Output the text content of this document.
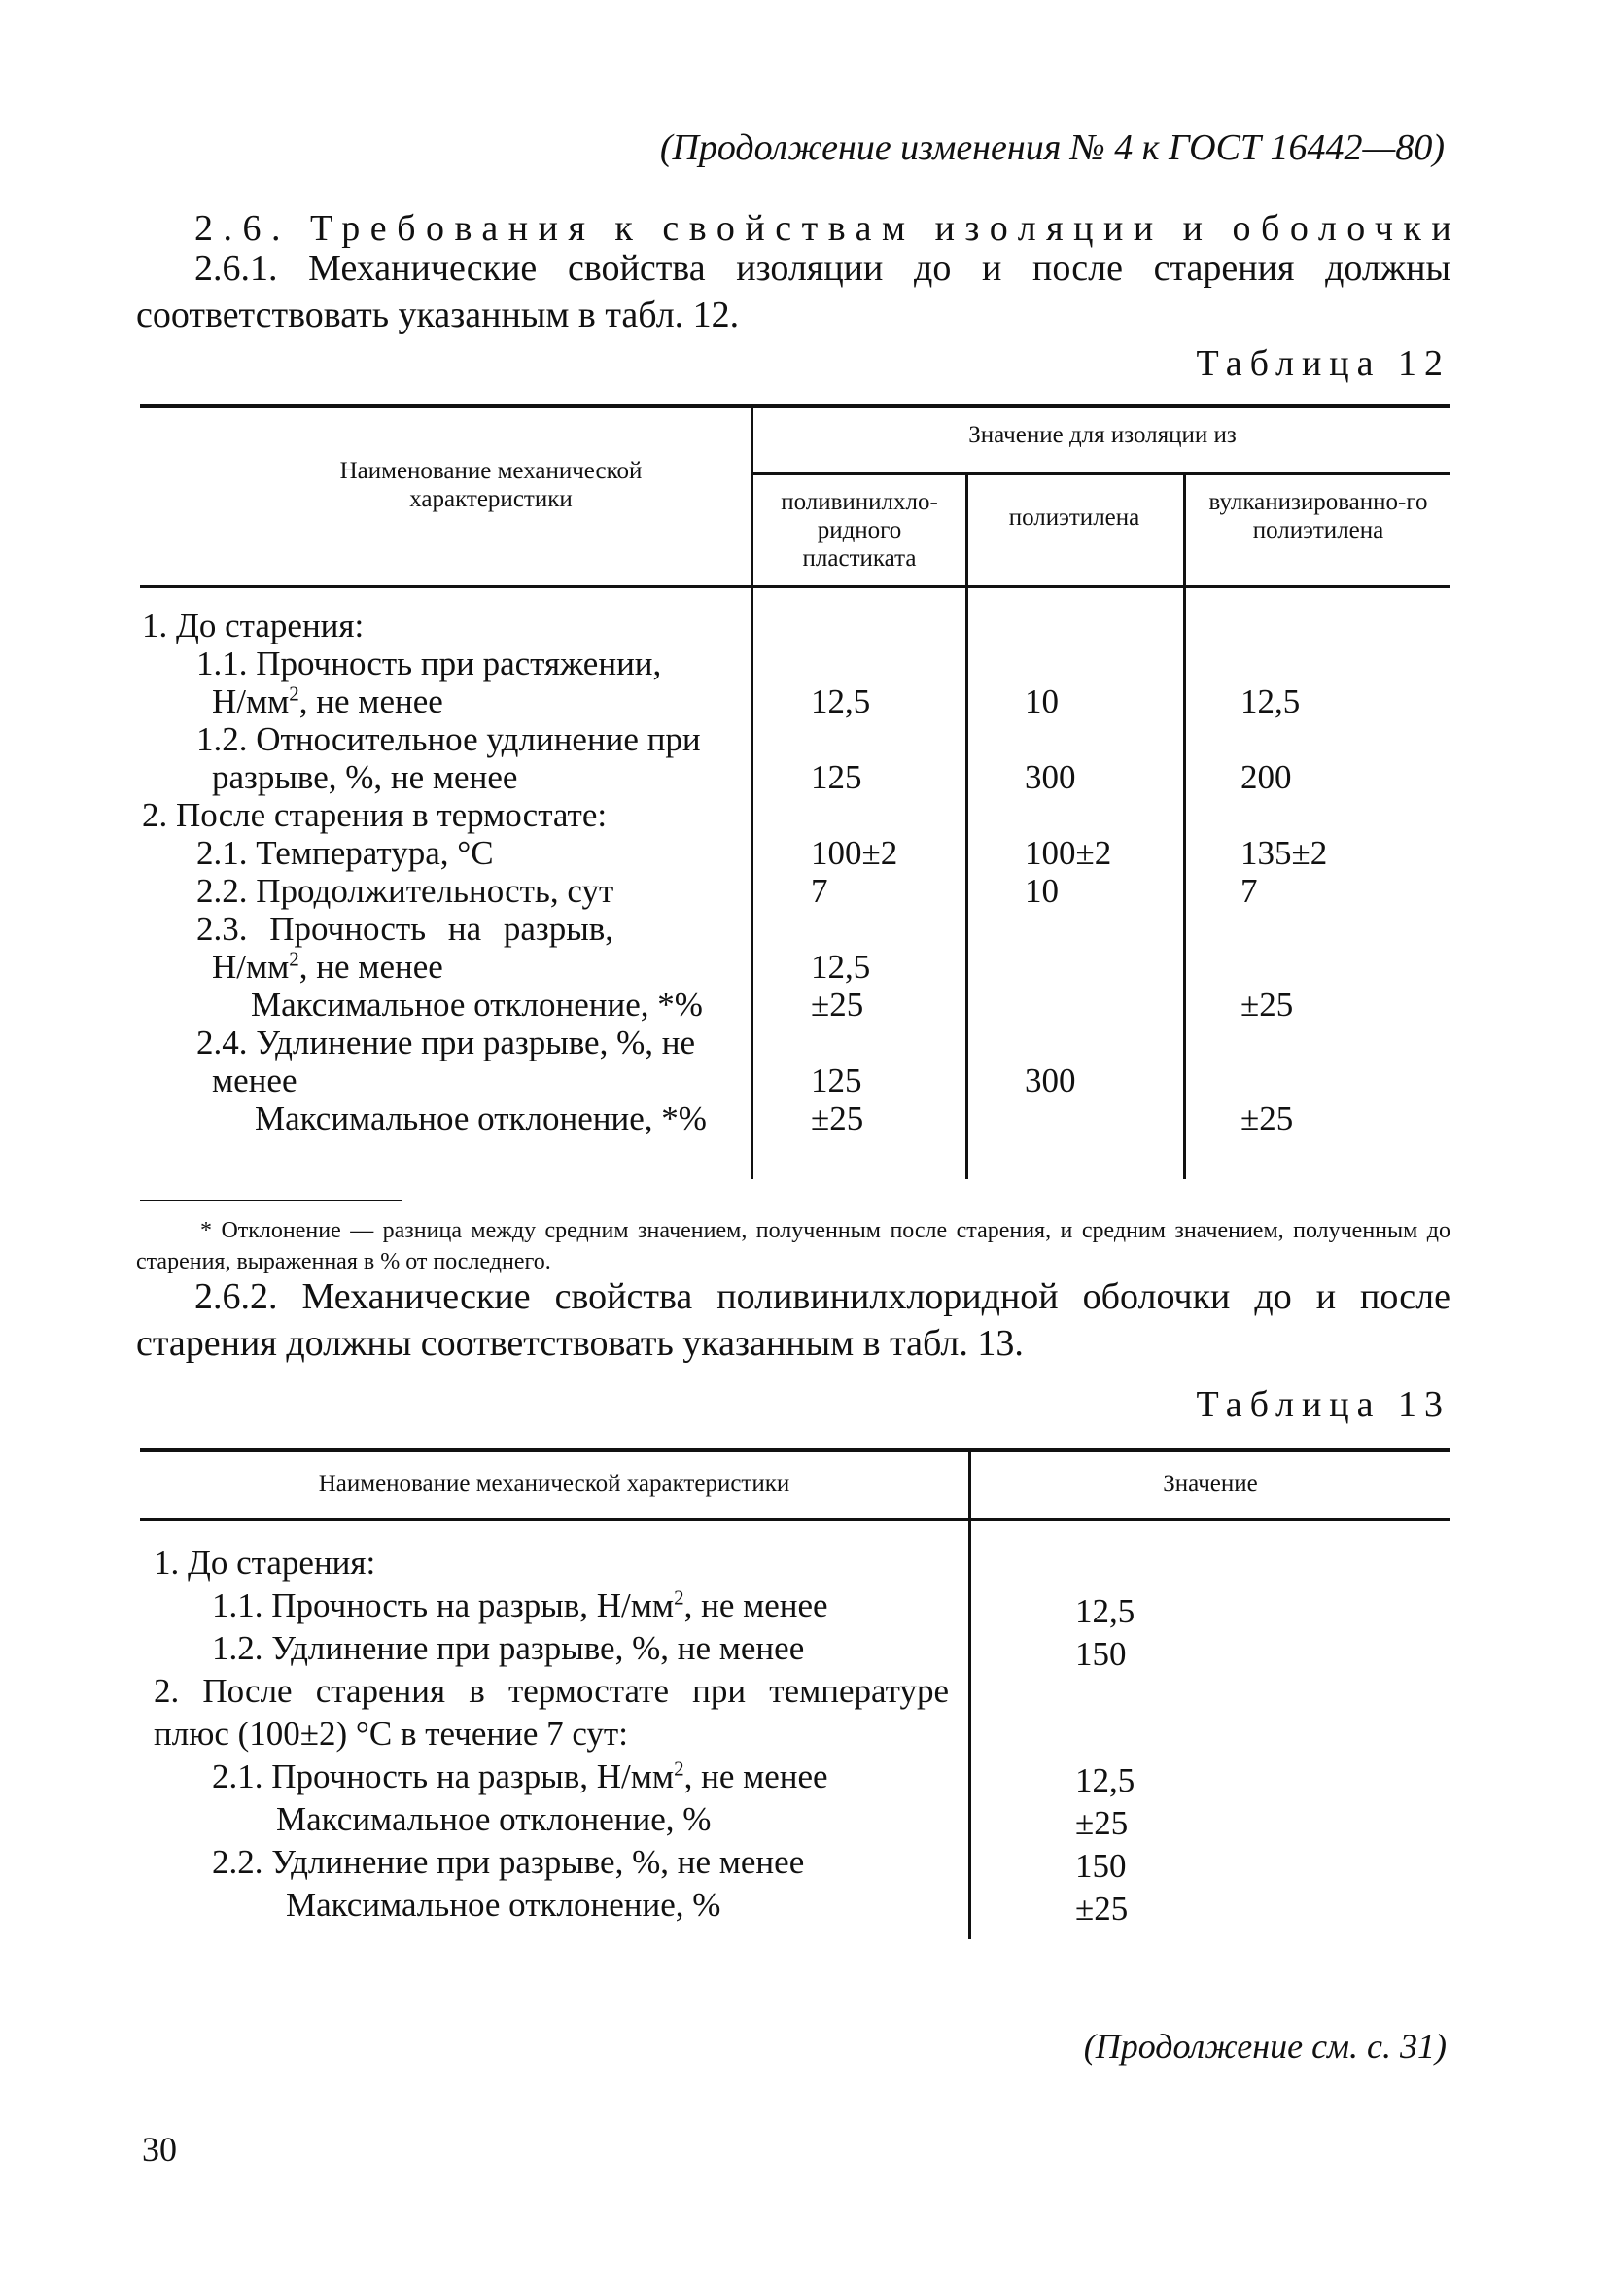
(Продолжение изменения № 4 к ГОСТ 16442—80)
2.6. Требования к свойствам изоляции и оболочки
2.6.1. Механические свойства изоляции до и после старения должны соответствовать указанным в табл. 12.
Таблица 12
Наименование механической характеристики
Значение для изоляции из
поливинилхло-ридного пластиката
полиэтилена
вулканизированно-го полиэтилена
1. До старения:
1.1. Прочность при растяжении,
$Н/мм^2$, не менее
1.2. Относительное удлинение при
разрыве, %, не менее
2. После старения в термостате:
2.1. Температура, °С
2.2. Продолжительность, сут
2.3. Прочность на разрыв,
$Н/мм^2$, не менее
Максимальное отклонение, *%
2.4. Удлинение при разрыве, %, не
менее
Максимальное отклонение, *%
12,5
125
100±2
7
12,5
±25
125
±25
10
300
100±2
10
300
12,5
200
135±2
7
±25
±25
* Отклонение — разница между средним значением, полученным после старения, и средним значением, полученным до старения, выраженная в % от последнего.
2.6.2. Механические свойства поливинилхлоридной оболочки до и после старения должны соответствовать указанным в табл. 13.
Таблица 13
Наименование механической характеристики	Значение
1. До старения:
1.1. Прочность на разрыв, $Н/мм^2$, не менее
1.2. Удлинение при разрыве, %, не менее
2. После старения в термостате при температуре
плюс (100±2) °С в течение 7 сут:
2.1. Прочность на разрыв, $Н/мм^2$, не менее
Максимальное отклонение, %
2.2. Удлинение при разрыве, %, не менее
Максимальное отклонение, %
12,5
150
12,5
±25
150
±25
(Продолжение см. с. 31)
30
